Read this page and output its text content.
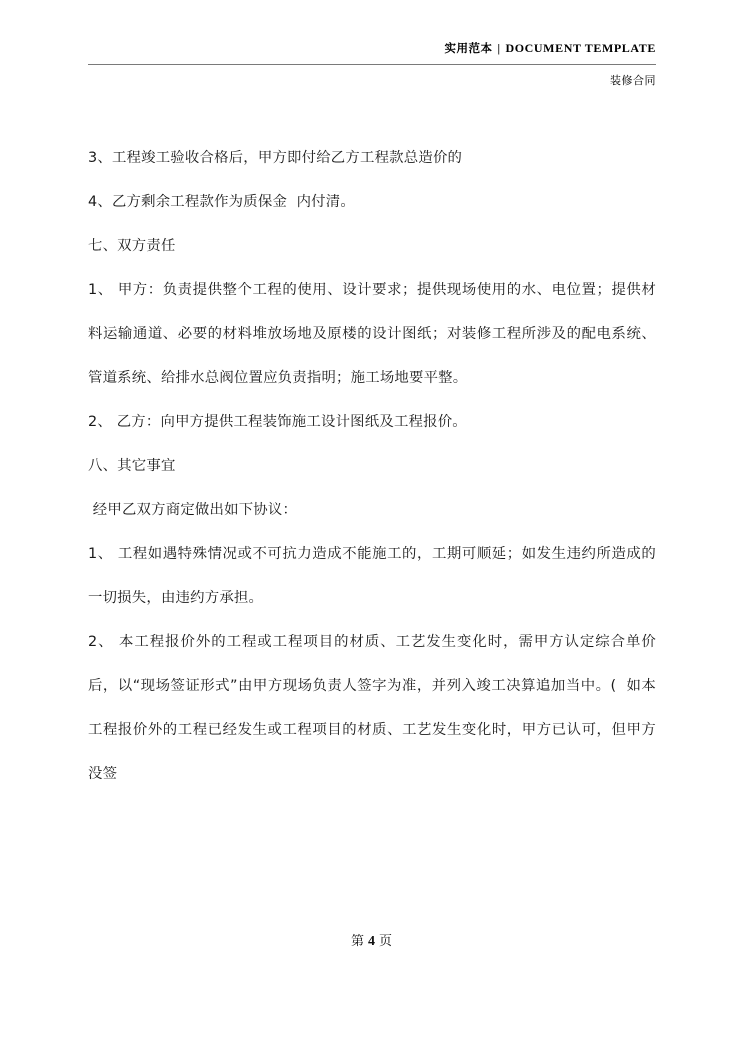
实用范本 | DOCUMENT TEMPLATE
装修合同

3、工程竣工验收合格后，甲方即付给乙方工程款总造价的

4、乙方剩余工程款作为质保金  内付清。

七、双方责任

1、 甲方：负责提供整个工程的使用、设计要求；提供现场使用的水、电位置；提供材料运输通道、必要的材料堆放场地及原楼的设计图纸；对装修工程所涉及的配电系统、管道系统、给排水总阀位置应负责指明；施工场地要平整。

2、 乙方：向甲方提供工程装饰施工设计图纸及工程报价。

八、其它事宜

经甲乙双方商定做出如下协议：

1、 工程如遇特殊情况或不可抗力造成不能施工的，工期可顺延；如发生违约所造成的一切损失，由违约方承担。

2、 本工程报价外的工程或工程项目的材质、工艺发生变化时，需甲方认定综合单价后，以“现场签证形式”由甲方现场负责人签字为准，并列入竣工决算追加当中。(  如本工程报价外的工程已经发生或工程项目的材质、工艺发生变化时，甲方已认可，但甲方没签

第 4 页
